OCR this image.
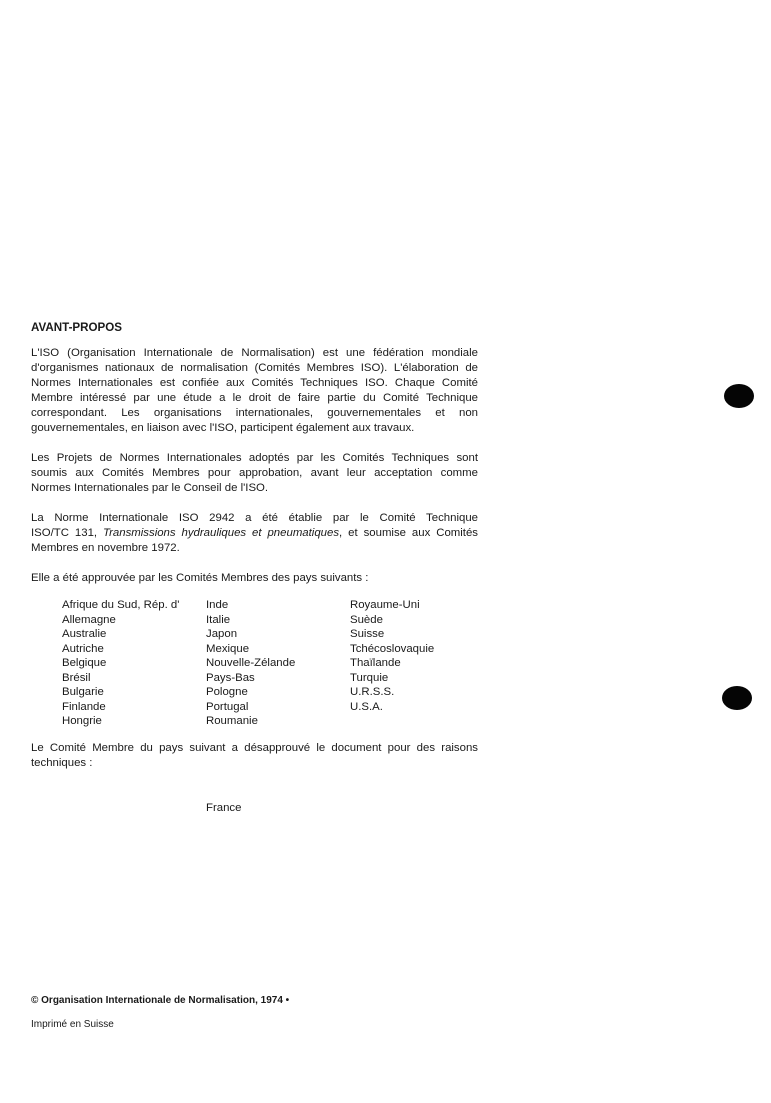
AVANT-PROPOS

L'ISO (Organisation Internationale de Normalisation) est une fédération mondiale
d'organismes nationaux de normalisation (Comités Membres ISO). L'élaboration de
Normes Internationales est confiée aux Comités Techniques ISO. Chaque Comité
Membre intéressé par une étude a le droit de faire partie du Comité Technique
correspondant. Les organisations internationales, gouvernementales et non
gouvernementales, en liaison avec l'ISO, participent également aux travaux.

Les Projets de Normes Internationales adoptés par les Comités Techniques sont
soumis aux Comités Membres pour approbation, avant leur acceptation comme
Normes Internationales par le Conseil de l'ISO.

La Norme Internationale ISO 2942 a été établie par le Comité Technique
ISO/TC 131, Transmissions hydrauliques et pneumatiques, et soumise aux Comités
Membres en novembre 1972.

Elle a été approuvée par les Comités Membres des pays suivants :

Afrique du Sud, Rép. d'
Allemagne
Australie
Autriche
Belgique
Brésil
Bulgarie
Finlande
Hongrie
Inde
Italie
Japon
Mexique
Nouvelle-Zélande
Pays-Bas
Pologne
Portugal
Roumanie
Royaume-Uni
Suède
Suisse
Tchécoslovaquie
Thaïlande
Turquie
U.R.S.S.
U.S.A.

Le Comité Membre du pays suivant a désapprouvé le document pour des raisons
techniques :

France
© Organisation Internationale de Normalisation, 1974 •
Imprimé en Suisse
